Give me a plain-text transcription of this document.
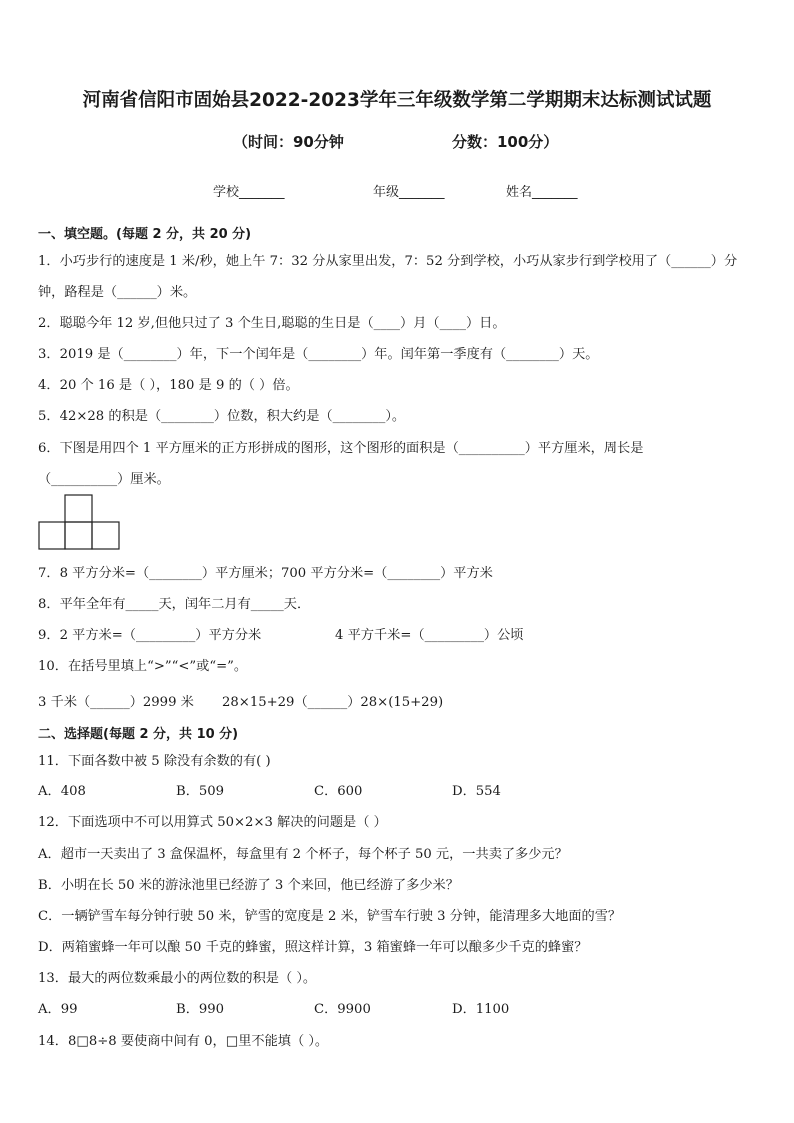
河南省信阳市固始县2022-2023学年三年级数学第二学期期末达标测试试题
（时间：90分钟	分数：100分）
学校_______	年级_______	姓名_______
一、填空题。(每题 2 分，共 20 分)
1．小巧步行的速度是 1 米/秒，她上午 7：32 分从家里出发，7：52 分到学校，小巧从家步行到学校用了（______）分
钟，路程是（______）米。
2．聪聪今年 12 岁,但他只过了 3 个生日,聪聪的生日是（____）月（____）日。
3．2019 是（________）年，下一个闰年是（________）年。闰年第一季度有（________）天。
4．20 个 16 是（ ），180 是 9 的（ ）倍。
5．42×28 的积是（________）位数，积大约是（________）。
6．下图是用四个 1 平方厘米的正方形拼成的图形，这个图形的面积是（__________）平方厘米，周长是
（__________）厘米。
7．8 平方分米=（________）平方厘米；700 平方分米=（________）平方米
8．平年全年有_____天，闰年二月有_____天．
9．2 平方米=（_________）平方分米	4 平方千米=（_________）公顷
10．在括号里填上“>”“<”或“=”。
3 千米（______）2999 米 28×15+29（______）28×(15+29)
二、选择题(每题 2 分，共 10 分)
11．下面各数中被 5 除没有余数的有( )
A．408	B．509	C．600	D．554
12．下面选项中不可以用算式 50×2×3 解决的问题是（ ）
A．超市一天卖出了 3 盒保温杯，每盒里有 2 个杯子，每个杯子 50 元，一共卖了多少元？
B．小明在长 50 米的游泳池里已经游了 3 个来回，他已经游了多少米？
C．一辆铲雪车每分钟行驶 50 米，铲雪的宽度是 2 米，铲雪车行驶 3 分钟，能清理多大地面的雪？
D．两箱蜜蜂一年可以酿 50 千克的蜂蜜，照这样计算，3 箱蜜蜂一年可以酿多少千克的蜂蜜？
13．最大的两位数乘最小的两位数的积是（ ）。
A．99	B．990	C．9900	D．1100
14．8□8÷8 要使商中间有 0，□里不能填（ ）。
